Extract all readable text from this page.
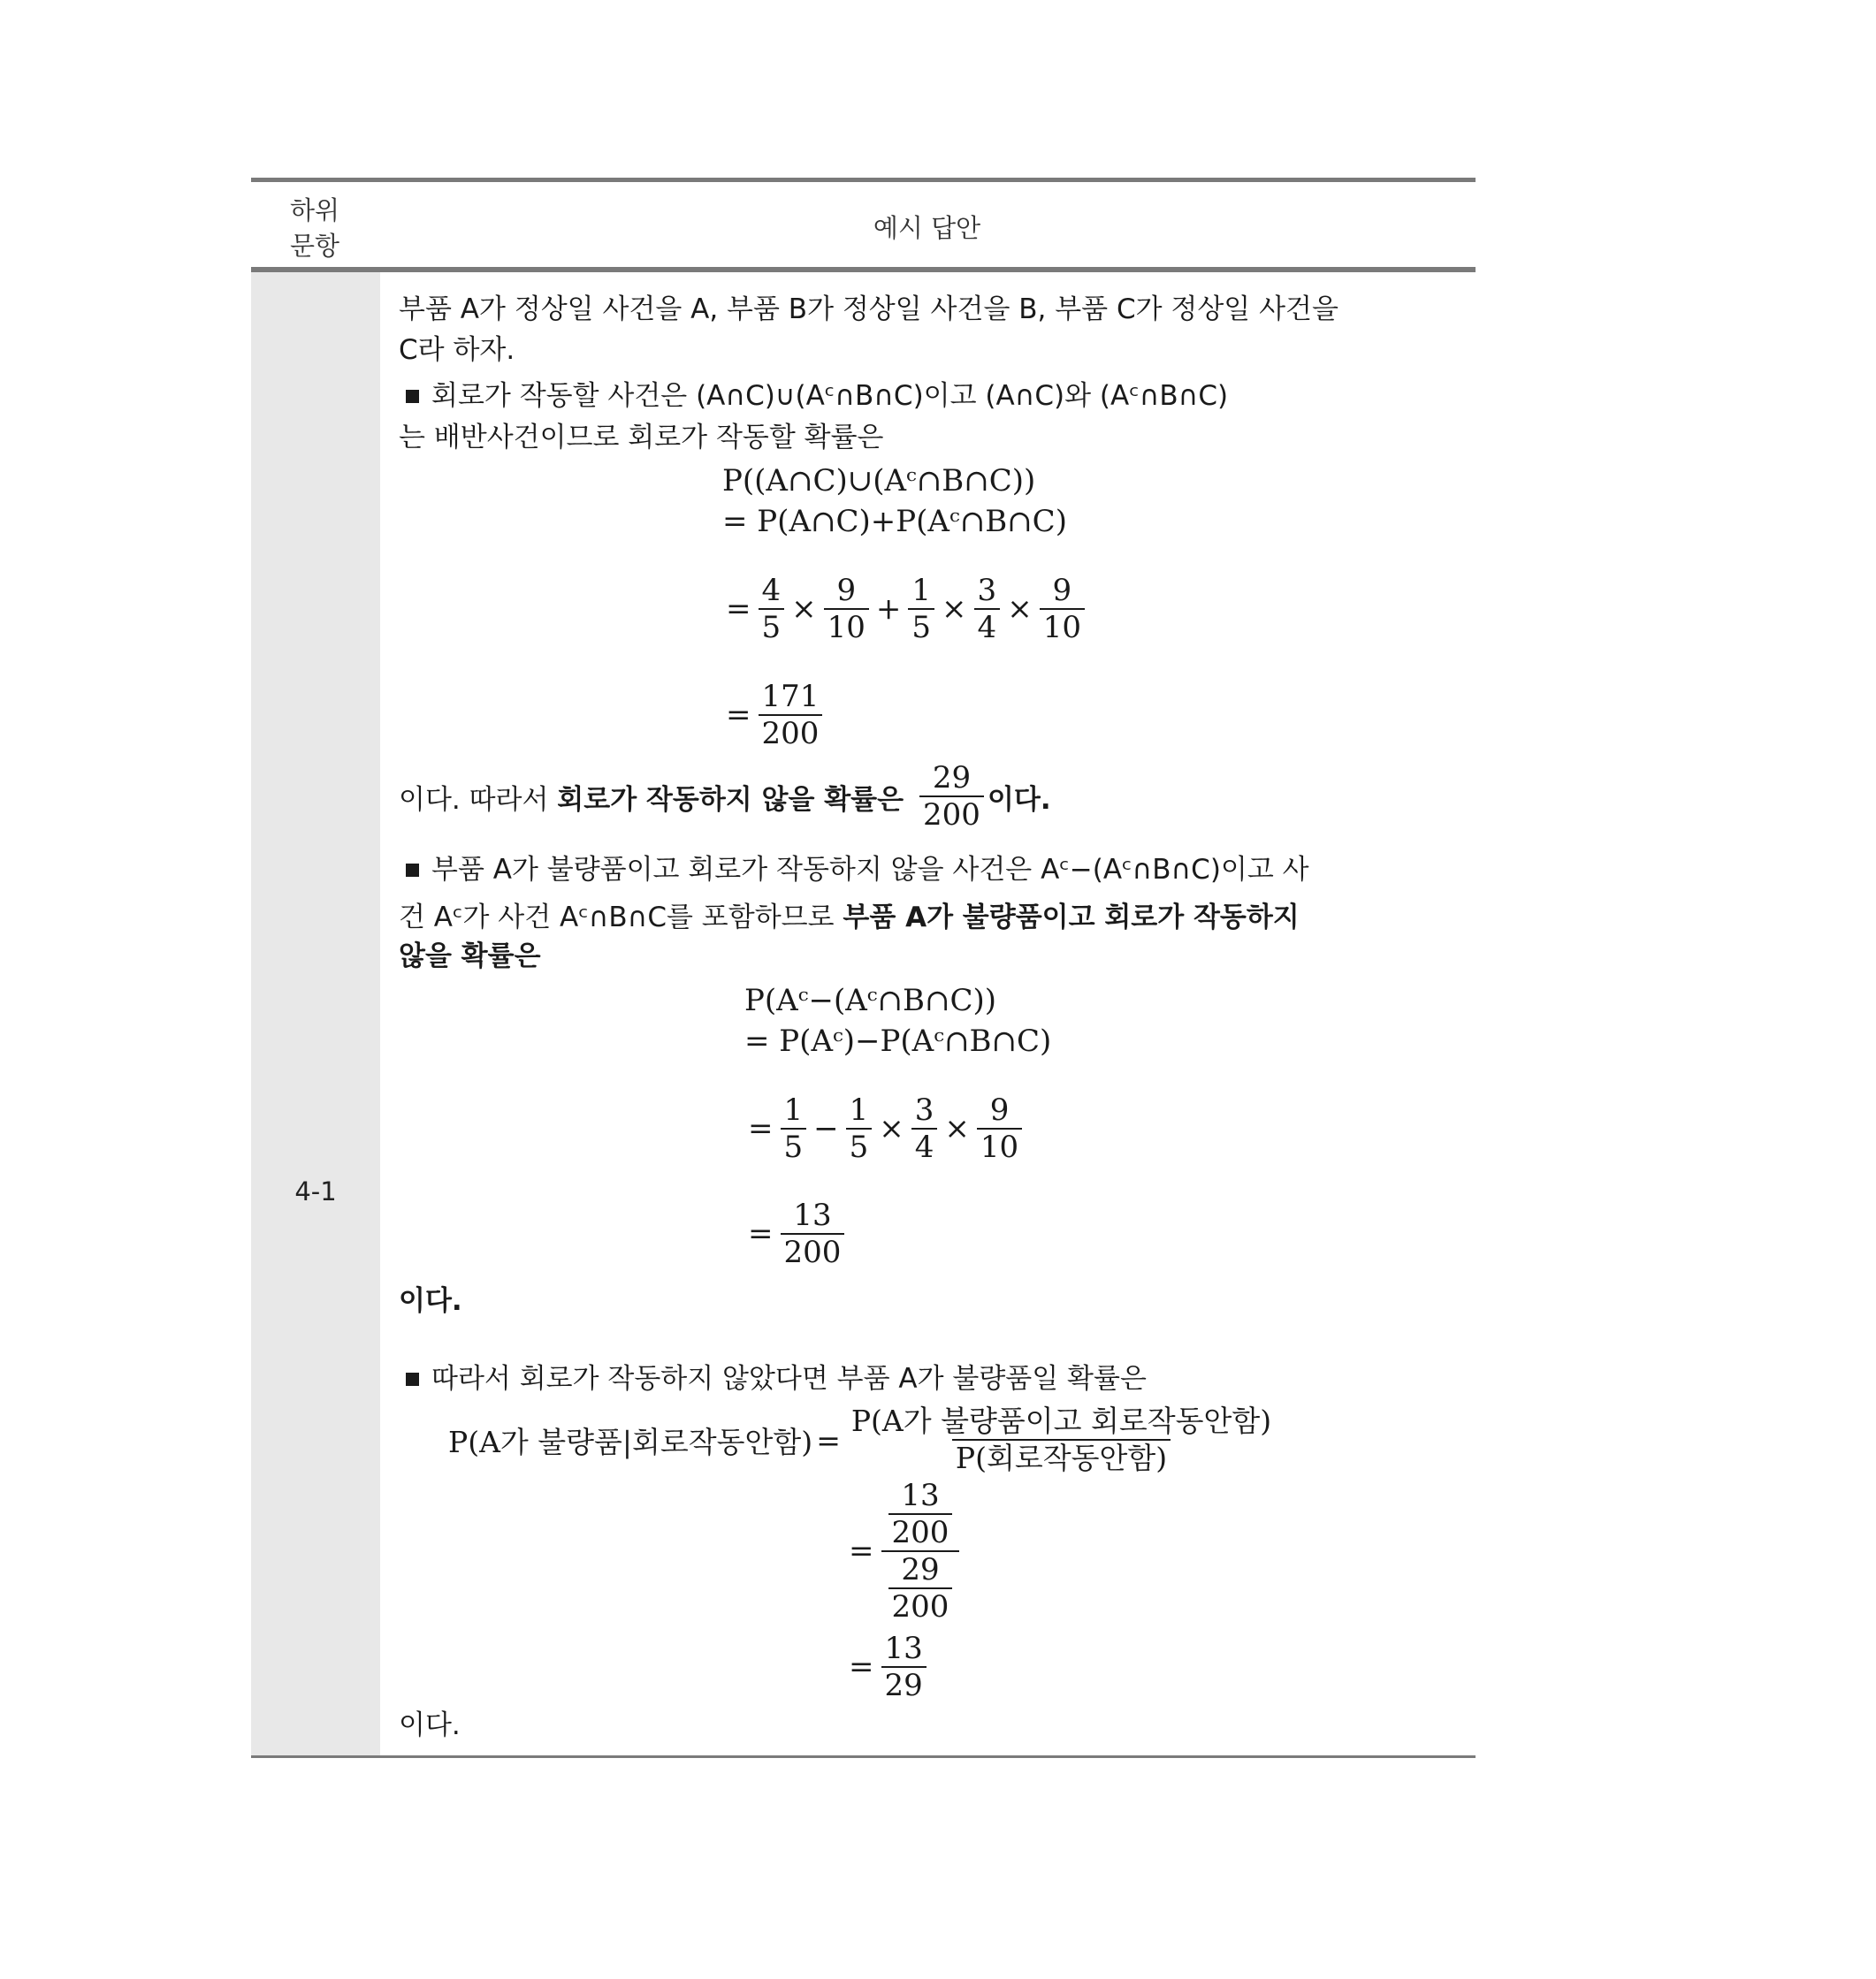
하위
문항
예시 답안
4-1
부품 A가 정상일 사건을 A, 부품 B가 정상일 사건을 B, 부품 C가 정상일 사건을
C라 하자.
회로가 작동할 사건은 (A∩C)∪(Aᶜ∩B∩C)이고 (A∩C)와 (Aᶜ∩B∩C)
는 배반사건이므로 회로가 작동할 확률은
P((A∩C)∪(Aᶜ∩B∩C))
= P(A∩C)+P(Aᶜ∩B∩C)
= $\frac{4}{5} \times \frac{9}{10} + \frac{1}{5} \times \frac{3}{4} \times \frac{9}{10}$
= $\frac{171}{200}$
이다. 따라서 회로가 작동하지 않을 확률은 $\frac{29}{200}$ 이다.
부품 A가 불량품이고 회로가 작동하지 않을 사건은 Aᶜ−(Aᶜ∩B∩C)이고 사
건 Aᶜ가 사건 Aᶜ∩B∩C를 포함하므로 부품 A가 불량품이고 회로가 작동하지
않을 확률은
P(Aᶜ−(Aᶜ∩B∩C))
= P(Aᶜ)−P(Aᶜ∩B∩C)
= $\frac{1}{5} - \frac{1}{5} \times \frac{3}{4} \times \frac{9}{10}$
= $\frac{13}{200}$
이다.
따라서 회로가 작동하지 않았다면 부품 A가 불량품일 확률은
P(A가 불량품|회로작동안함) = $\frac{\text{P(A가 불량품이고 회로작동안함)}}{\text{P(회로작동안함)}}$
= $\frac{\frac{13}{200}}{\frac{29}{200}}$
= $\frac{13}{29}$
이다.
